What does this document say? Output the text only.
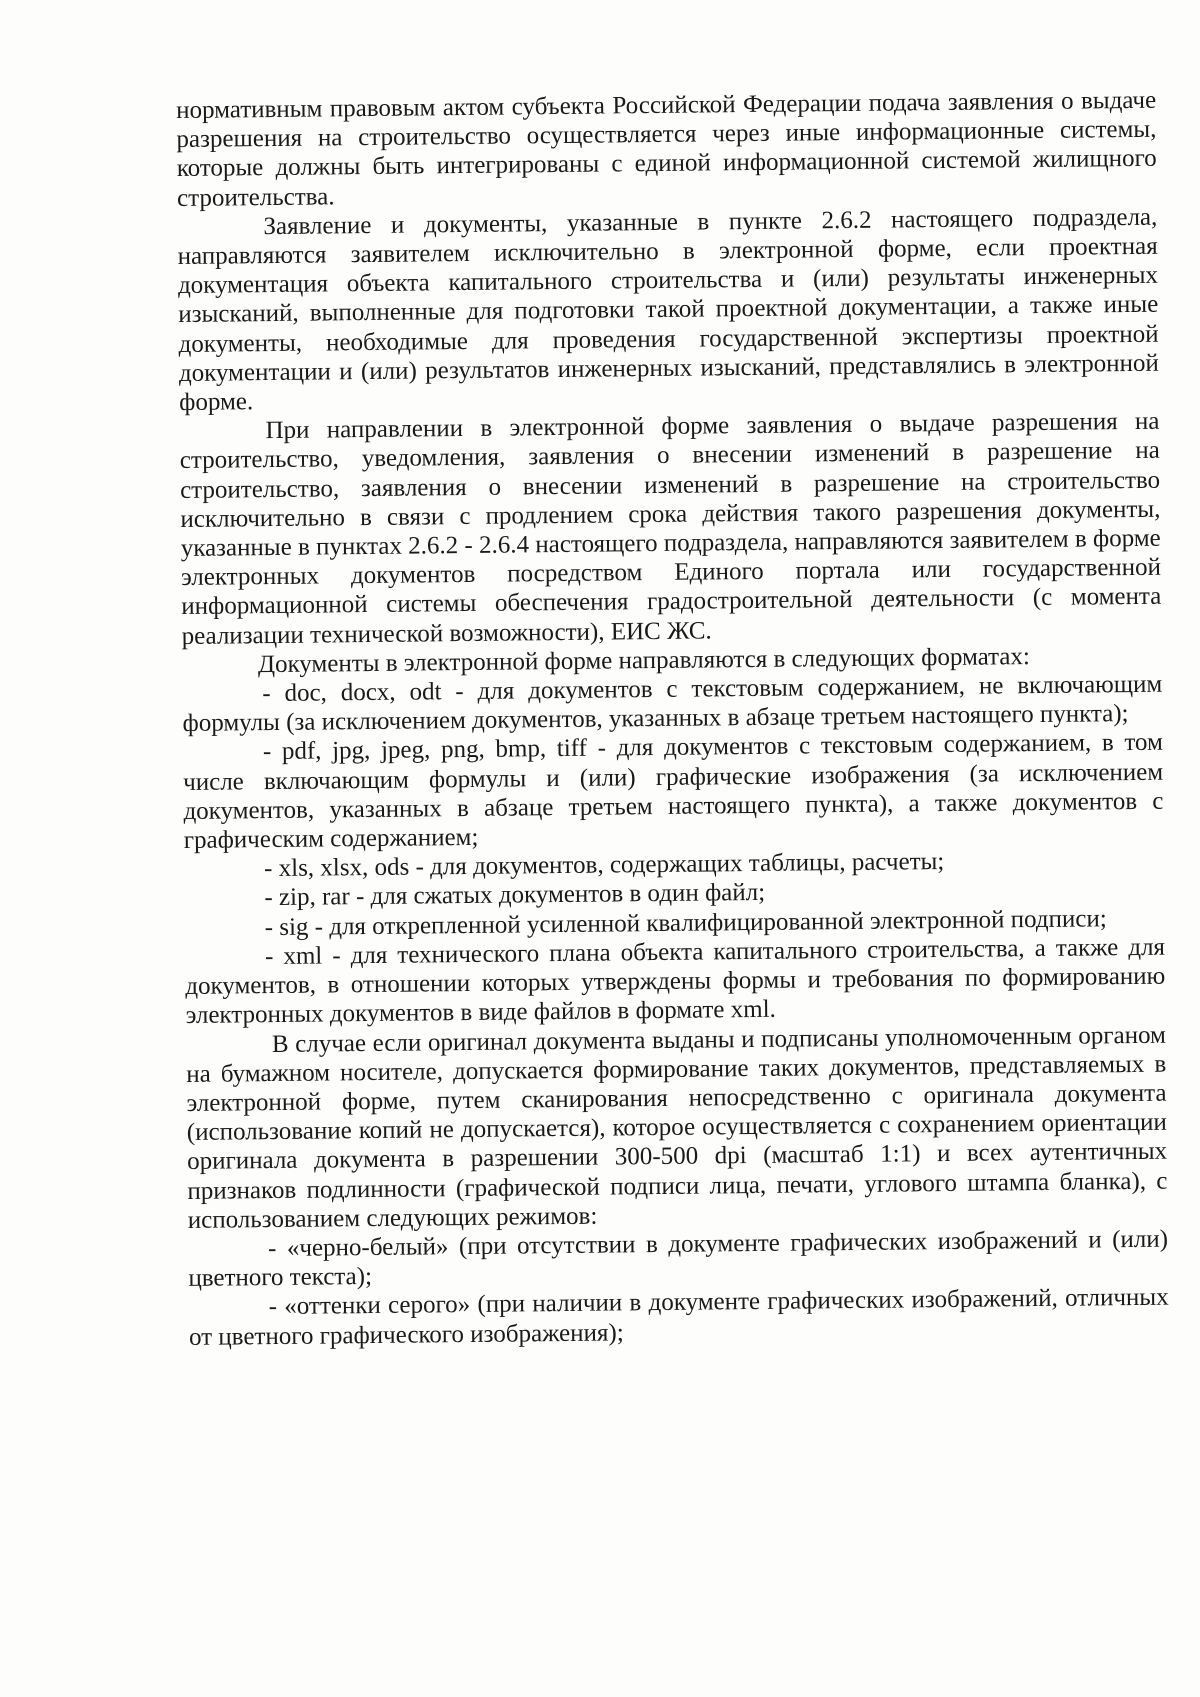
нормативным правовым актом субъекта Российской Федерации подача заявления о выдаче разрешения на строительство осуществляется через иные информационные системы, которые должны быть интегрированы с единой информационной системой жилищного строительства.

Заявление и документы, указанные в пункте 2.6.2 настоящего подраздела, направляются заявителем исключительно в электронной форме, если проектная документация объекта капитального строительства и (или) результаты инженерных изысканий, выполненные для подготовки такой проектной документации, а также иные документы, необходимые для проведения государственной экспертизы проектной документации и (или) результатов инженерных изысканий, представлялись в электронной форме.

При направлении в электронной форме заявления о выдаче разрешения на строительство, уведомления, заявления о внесении изменений в разрешение на строительство, заявления о внесении изменений в разрешение на строительство исключительно в связи с продлением срока действия такого разрешения документы, указанные в пунктах 2.6.2 - 2.6.4 настоящего подраздела, направляются заявителем в форме электронных документов посредством Единого портала или государственной информационной системы обеспечения градостроительной деятельности (с момента реализации технической возможности), ЕИС ЖС.

Документы в электронной форме направляются в следующих форматах:

- doc, docx, odt - для документов с текстовым содержанием, не включающим формулы (за исключением документов, указанных в абзаце третьем настоящего пункта);

- pdf, jpg, jpeg, png, bmp, tiff - для документов с текстовым содержанием, в том числе включающим формулы и (или) графические изображения (за исключением документов, указанных в абзаце третьем настоящего пункта), а также документов с графическим содержанием;

- xls, xlsx, ods - для документов, содержащих таблицы, расчеты;

- zip, rar - для сжатых документов в один файл;

- sig - для открепленной усиленной квалифицированной электронной подписи;

- xml - для технического плана объекта капитального строительства, а также для документов, в отношении которых утверждены формы и требования по формированию электронных документов в виде файлов в формате xml.

В случае если оригинал документа выданы и подписаны уполномоченным органом на бумажном носителе, допускается формирование таких документов, представляемых в электронной форме, путем сканирования непосредственно с оригинала документа (использование копий не допускается), которое осуществляется с сохранением ориентации оригинала документа в разрешении 300-500 dpi (масштаб 1:1) и всех аутентичных признаков подлинности (графической подписи лица, печати, углового штампа бланка), с использованием следующих режимов:

- «черно-белый» (при отсутствии в документе графических изображений и (или) цветного текста);

- «оттенки серого» (при наличии в документе графических изображений, отличных от цветного графического изображения);
